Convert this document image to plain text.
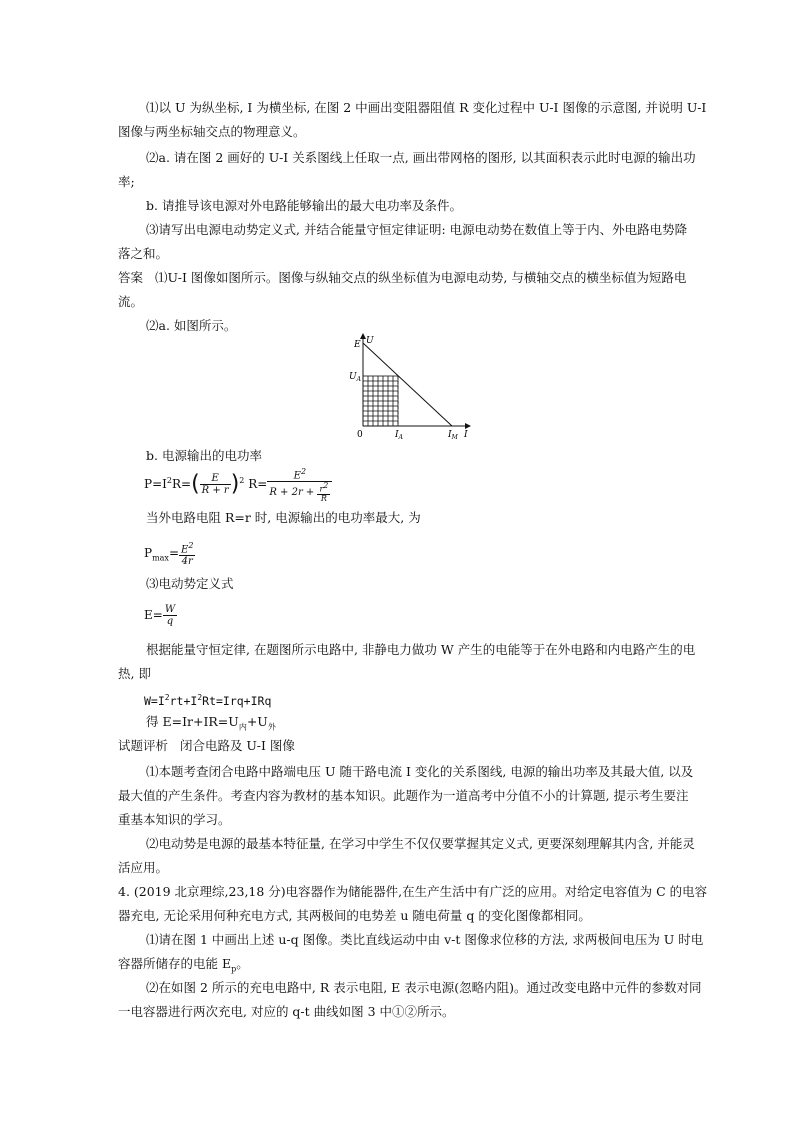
⑴以 U 为纵坐标, I 为横坐标, 在图 2 中画出变阻器阻值 R 变化过程中 U-I 图像的示意图, 并说明 U-I
图像与两坐标轴交点的物理意义。
⑵a. 请在图 2 画好的 U-I 关系图线上任取一点, 画出带网格的图形, 以其面积表示此时电源的输出功
率;
b. 请推导该电源对外电路能够输出的最大电功率及条件。
⑶请写出电源电动势定义式, 并结合能量守恒定律证明: 电源电动势在数值上等于内、外电路电势降
落之和。
答案 ⑴U-I 图像如图所示。图像与纵轴交点的纵坐标值为电源电动势, 与横轴交点的横坐标值为短路电
流。
⑵a. 如图所示。
E U
$U_A$
0	$I_A$	$I_M$ I
b. 电源输出的电功率
$P=I^2R=( \frac{E}{R + r} )^2$ $R= \frac{E^2}{R + 2r + \frac{r^2}{R}}$
当外电路电阻 R=r 时, 电源输出的电功率最大, 为
$P_{max}= \frac{E^2}{4r}$
⑶电动势定义式
$E= \frac{W}{q}$
根据能量守恒定律, 在题图所示电路中, 非静电力做功 W 产生的电能等于在外电路和内电路产生的电
热, 即
$W=I^2rt+I^2Rt=Irq+IRq$
得 $E=Ir+IR=U_内+U_外$
试题评析 闭合电路及 U-I 图像
⑴本题考查闭合电路中路端电压 U 随干路电流 I 变化的关系图线, 电源的输出功率及其最大值, 以及
最大值的产生条件。考查内容为教材的基本知识。此题作为一道高考中分值不小的计算题, 提示考生要注
重基本知识的学习。
⑵电动势是电源的最基本特征量, 在学习中学生不仅仅要掌握其定义式, 更要深刻理解其内含, 并能灵
活应用。
4. (2019 北京理综,23,18 分)电容器作为储能器件,在生产生活中有广泛的应用。对给定电容值为 C 的电容
器充电, 无论采用何种充电方式, 其两极间的电势差 u 随电荷量 q 的变化图像都相同。
⑴请在图 1 中画出上述 u-q 图像。类比直线运动中由 v-t 图像求位移的方法, 求两极间电压为 U 时电
容器所储存的电能 $E_p$。
⑵在如图 2 所示的充电电路中, R 表示电阻, E 表示电源(忽略内阻)。通过改变电路中元件的参数对同
一电容器进行两次充电, 对应的 q-t 曲线如图 3 中①②所示。
